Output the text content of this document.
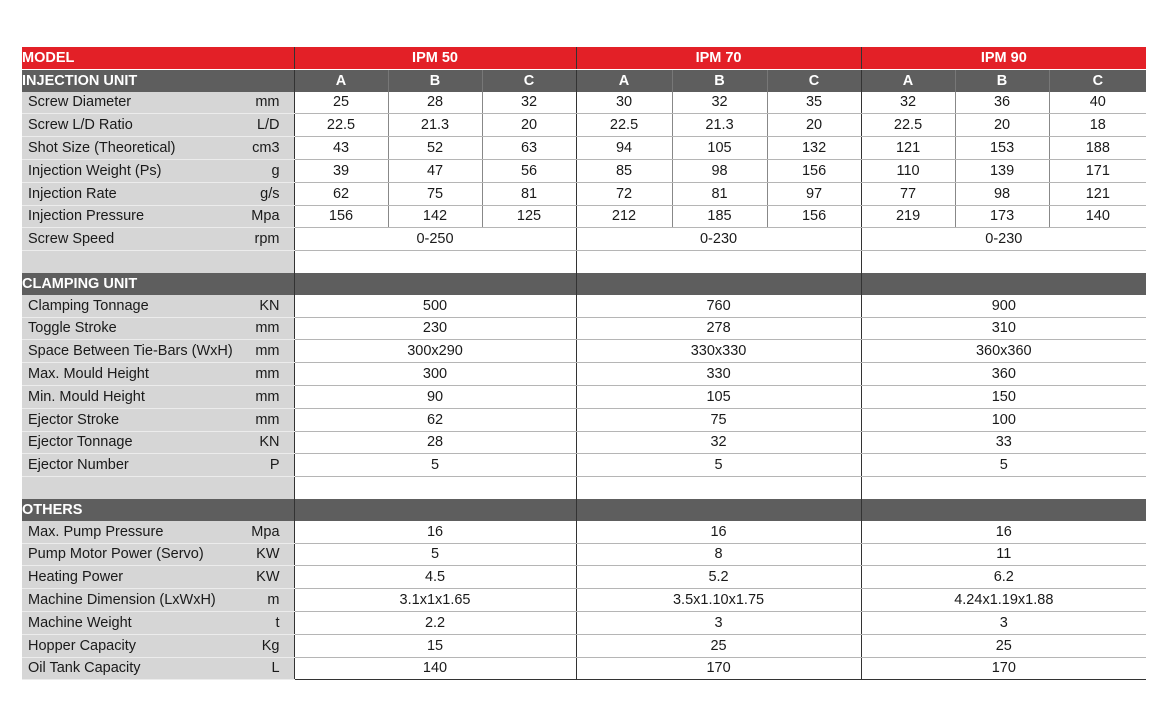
MODEL		IPM 50			IPM 70			IPM 90		
INJECTION UNIT		A	B	C	A	B	C	A	B	C
Screw Diameter	mm	25	28	32	30	32	35	32	36	40
Screw L/D Ratio	L/D	22.5	21.3	20	22.5	21.3	20	22.5	20	18
Shot Size (Theoretical)	cm3	43	52	63	94	105	132	121	153	188
Injection Weight (Ps)	g	39	47	56	85	98	156	110	139	171
Injection Rate	g/s	62	75	81	72	81	97	77	98	121
Injection Pressure	Mpa	156	142	125	212	185	156	219	173	140
Screw Speed	rpm	0-250			0-230			0-230		

CLAMPING UNIT										
Clamping Tonnage	KN	500			760			900		
Toggle Stroke	mm	230			278			310		
Space Between Tie-Bars (WxH)	mm	300x290			330x330			360x360		
Max. Mould Height	mm	300			330			360		
Min. Mould Height	mm	90			105			150		
Ejector Stroke	mm	62			75			100		
Ejector Tonnage	KN	28			32			33		
Ejector Number	P	5			5			5		

OTHERS										
Max. Pump Pressure	Mpa	16			16			16		
Pump Motor Power (Servo)	KW	5			8			11		
Heating Power	KW	4.5			5.2			6.2		
Machine Dimension (LxWxH)	m	3.1x1x1.65			3.5x1.10x1.75			4.24x1.19x1.88		
Machine Weight	t	2.2			3			3		
Hopper Capacity	Kg	15			25			25		
Oil Tank Capacity	L	140			170			170		
